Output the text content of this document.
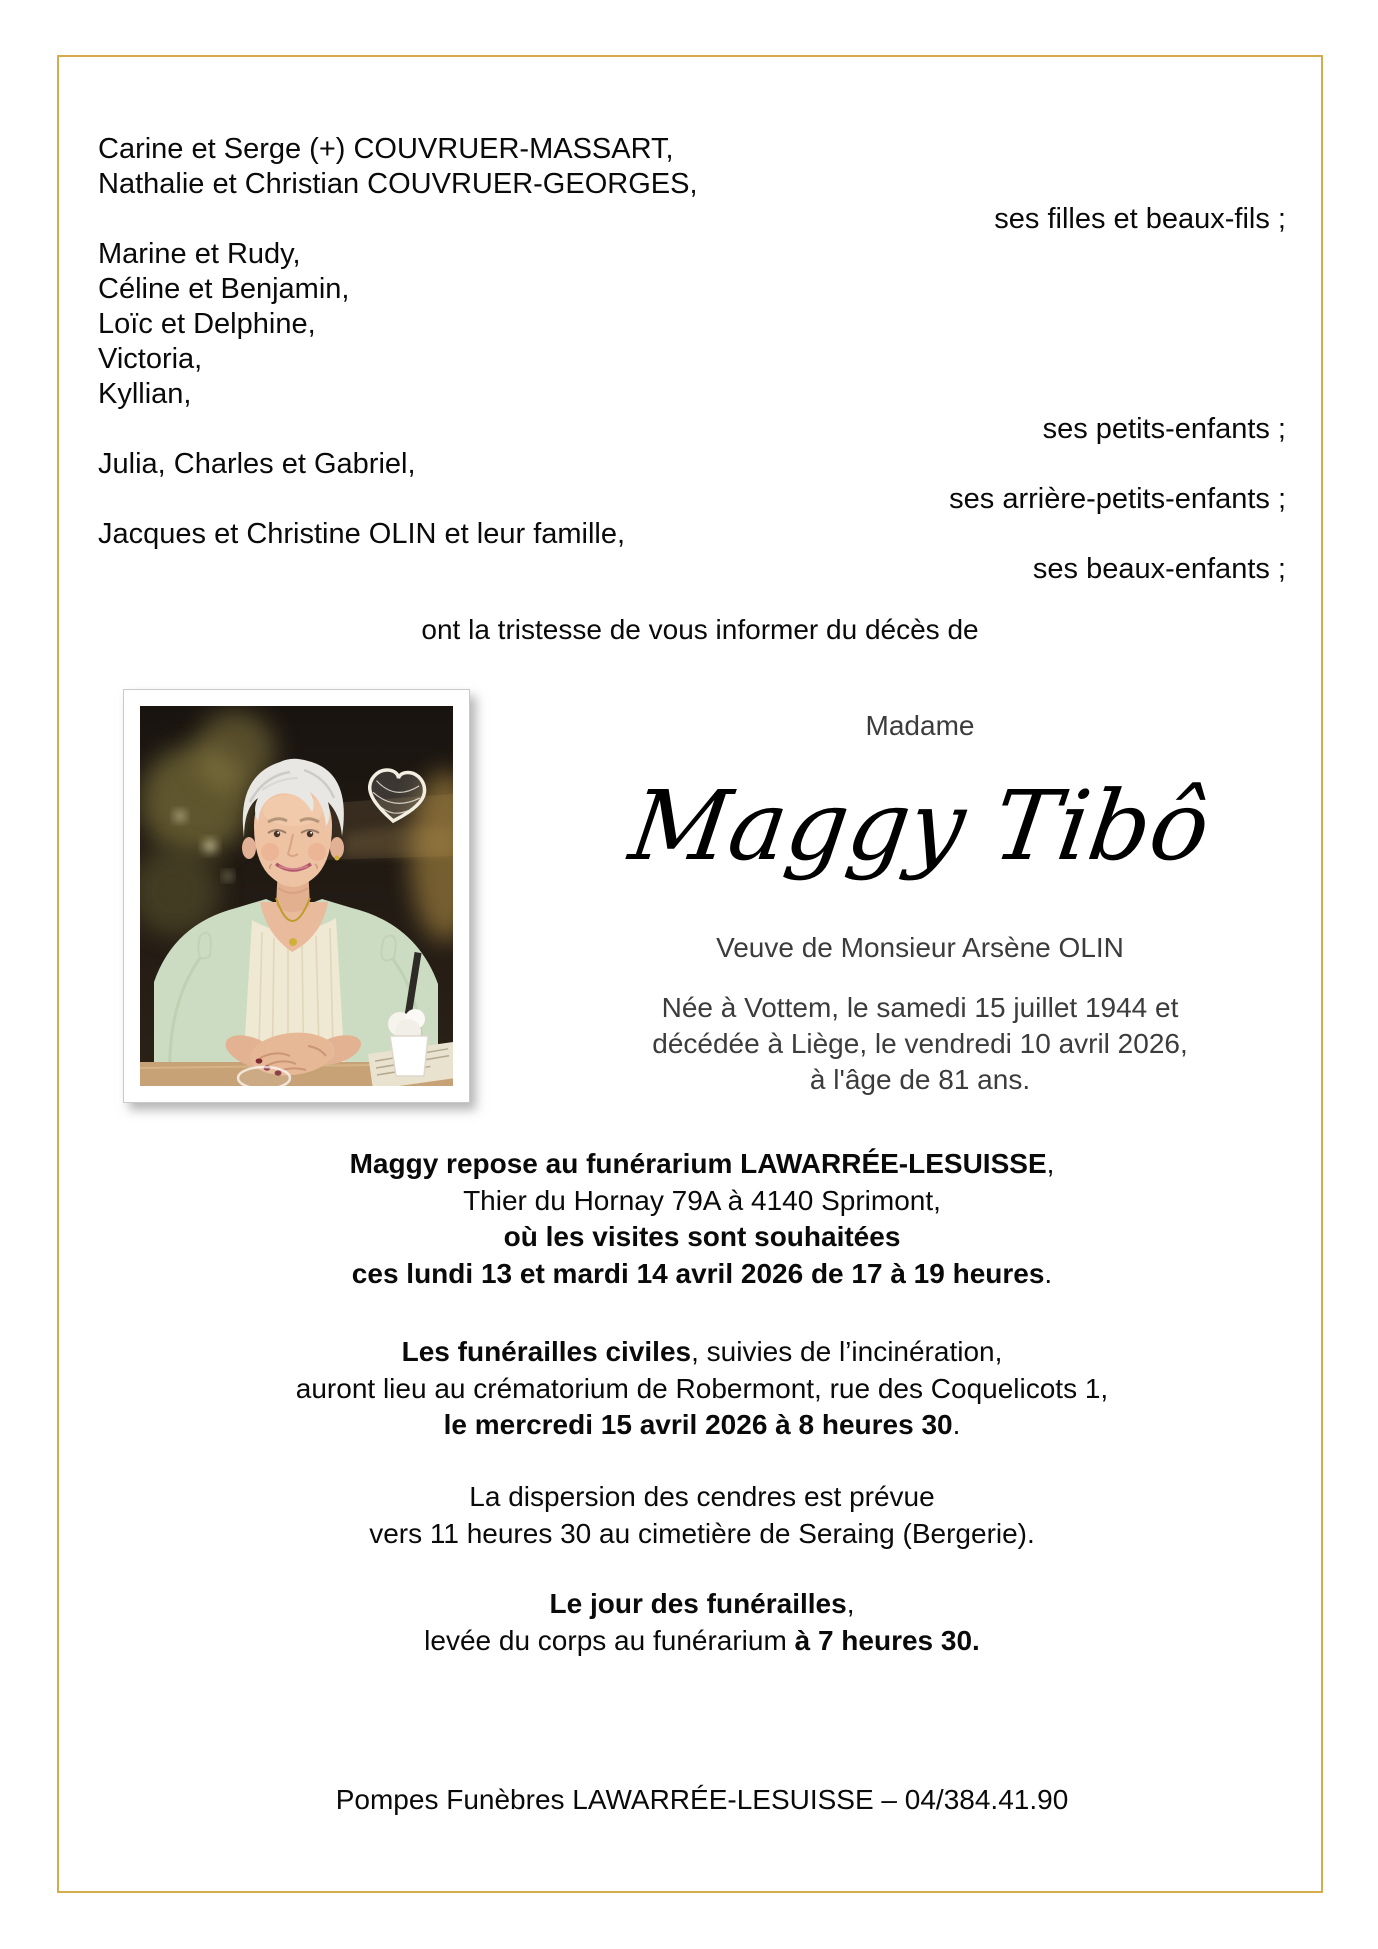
Carine et Serge (+) COUVRUER-MASSART,
Nathalie et Christian COUVRUER-GEORGES,
ses filles et beaux-fils ;
Marine et Rudy,
Céline et Benjamin,
Loïc et Delphine,
Victoria,
Kyllian,
ses petits-enfants ;
Julia, Charles et Gabriel,
ses arrière-petits-enfants ;
Jacques et Christine OLIN et leur famille,
ses beaux-enfants ;
ont la tristesse de vous informer du décès de
Madame
Maggy Tibô
Veuve de Monsieur Arsène OLIN
Née à Vottem, le samedi 15 juillet 1944 et
décédée à Liège, le vendredi 10 avril 2026,
à l'âge de 81 ans.
Maggy repose au funérarium LAWARRÉE-LESUISSE,
Thier du Hornay 79A à 4140 Sprimont,
où les visites sont souhaitées
ces lundi 13 et mardi 14 avril 2026 de 17 à 19 heures.
Les funérailles civiles, suivies de l’incinération,
auront lieu au crématorium de Robermont, rue des Coquelicots 1,
le mercredi 15 avril 2026 à 8 heures 30.
La dispersion des cendres est prévue
vers 11 heures 30 au cimetière de Seraing (Bergerie).
Le jour des funérailles,
levée du corps au funérarium à 7 heures 30.
Pompes Funèbres LAWARRÉE-LESUISSE – 04/384.41.90
